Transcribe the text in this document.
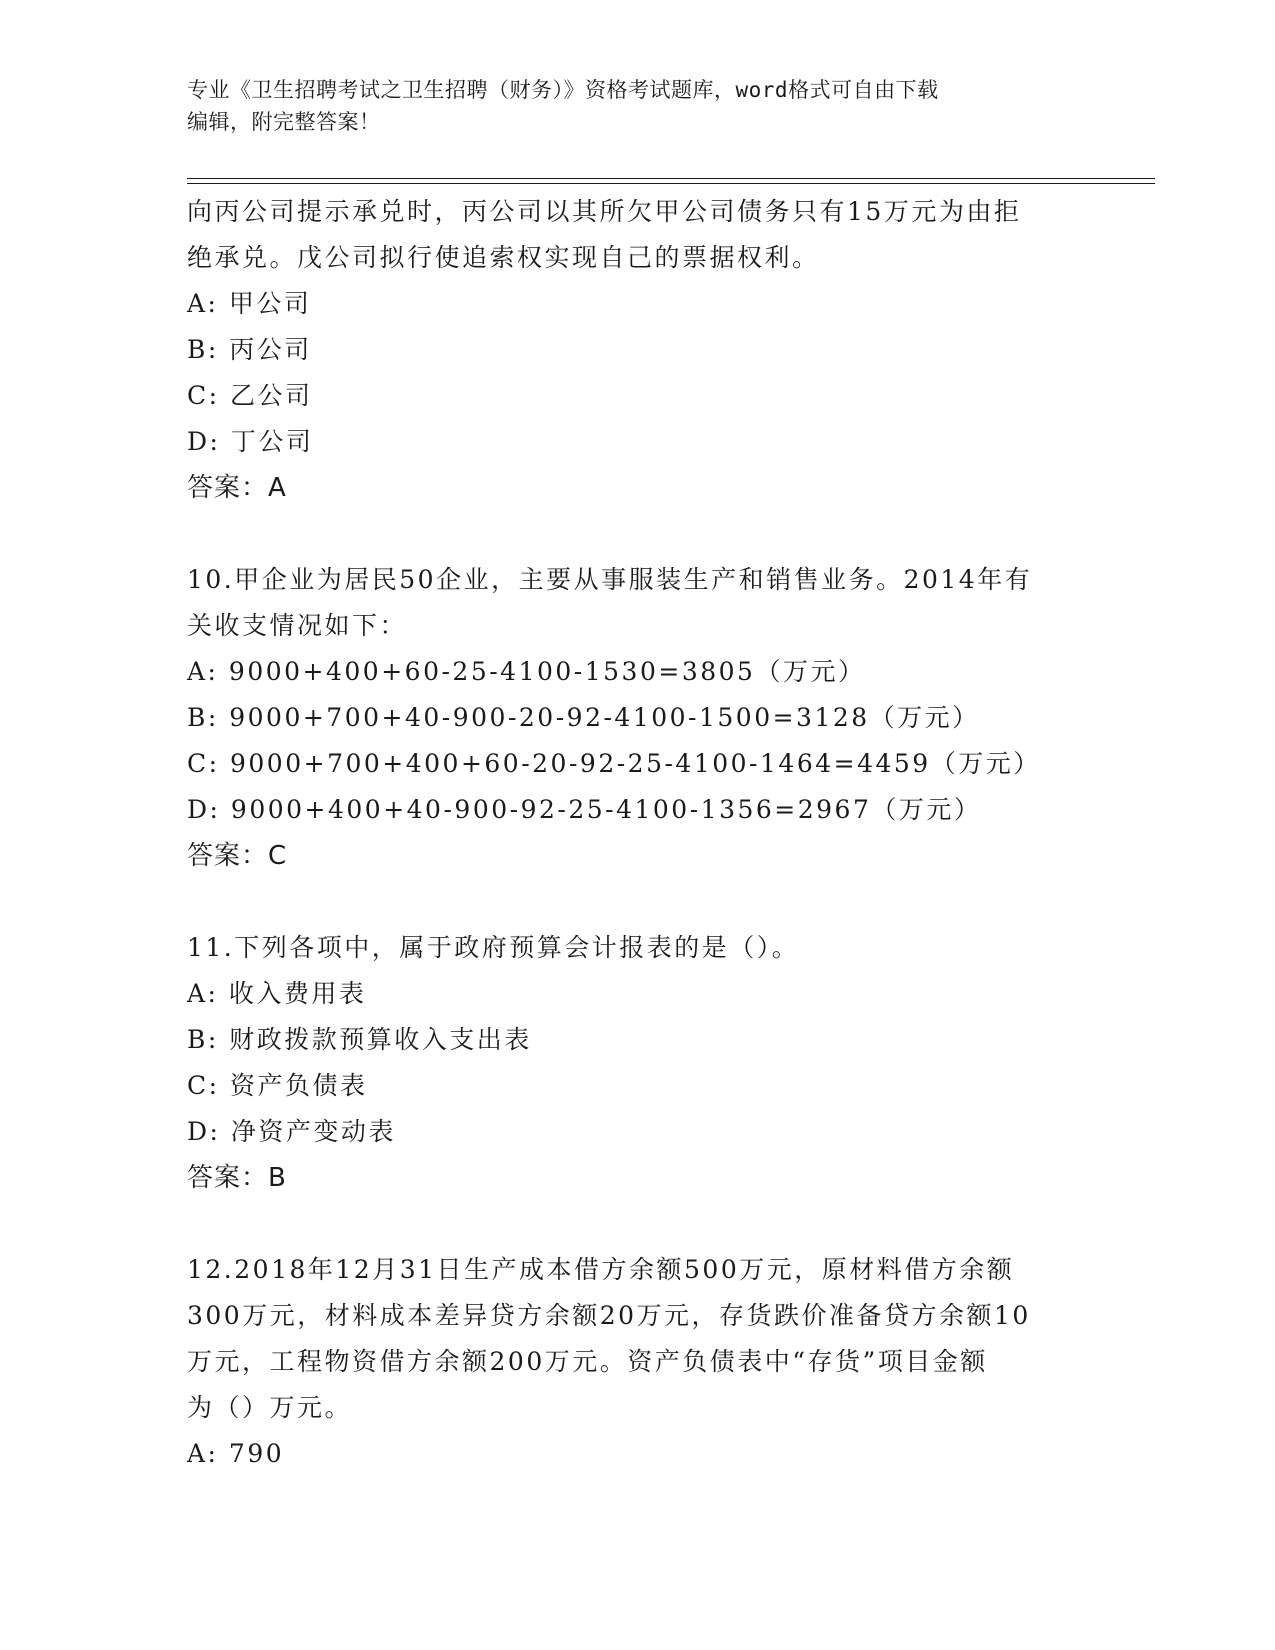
专业《卫生招聘考试之卫生招聘（财务）》资格考试题库，word格式可自由下载
编辑，附完整答案！
向丙公司提示承兑时，丙公司以其所欠甲公司债务只有15万元为由拒
绝承兑。戊公司拟行使追索权实现自己的票据权利。
A: 甲公司
B: 丙公司
C: 乙公司
D: 丁公司
答案：A
10.甲企业为居民50企业，主要从事服装生产和销售业务。2014年有
关收支情况如下：
A: 9000+400+60-25-4100-1530=3805（万元）
B: 9000+700+40-900-20-92-4100-1500=3128（万元）
C: 9000+700+400+60-20-92-25-4100-1464=4459（万元）
D: 9000+400+40-900-92-25-4100-1356=2967（万元）
答案：C
11.下列各项中，属于政府预算会计报表的是（）。
A: 收入费用表
B: 财政拨款预算收入支出表
C: 资产负债表
D: 净资产变动表
答案：B
12.2018年12月31日生产成本借方余额500万元，原材料借方余额
300万元，材料成本差异贷方余额20万元，存货跌价准备贷方余额10
万元，工程物资借方余额200万元。资产负债表中“存货”项目金额
为（）万元。
A: 790
